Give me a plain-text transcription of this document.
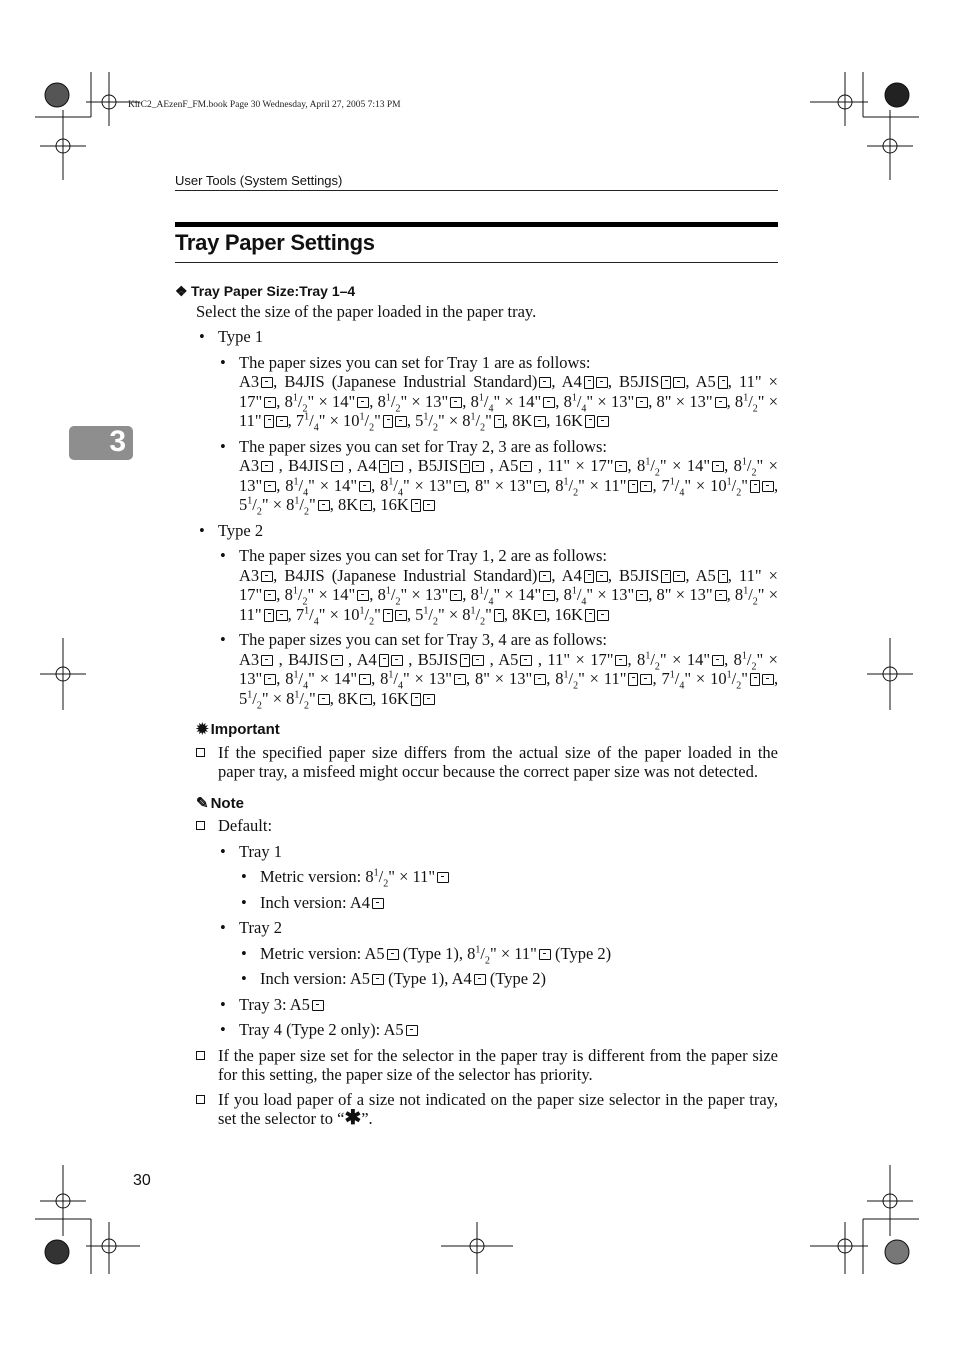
KirC2_AEzenF_FM.book Page 30 Wednesday, April 27, 2005 7:13 PM
User Tools (System Settings)
Tray Paper Settings
3
❖ Tray Paper Size:Tray 1–4
Select the size of the paper loaded in the paper tray.
• Type 1
• The paper sizes you can set for Tray 1 are as follows:
A3 , B4JIS (Japanese Industrial Standard) , A4 , B5JIS , A5 , 11" × 17" , $8^1/_2$" × 14" , $8^1/_2$" × 13" , $8^1/_4$" × 14" , $8^1/_4$" × 13" , 8" × 13" , $8^1/_2$" × 11" , $7^1/_4$" × $10^1/_2$" , $5^1/_2$" × $8^1/_2$" , 8K , 16K
• The paper sizes you can set for Tray 2, 3 are as follows:
A3 , B4JIS , A4 , B5JIS , A5 , 11" × 17" , $8^1/_2$" × 14" , $8^1/_2$" × 13" , $8^1/_4$" × 14" , $8^1/_4$" × 13" , 8" × 13" , $8^1/_2$" × 11" , $7^1/_4$" × $10^1/_2$" , $5^1/_2$" × $8^1/_2$" , 8K , 16K
• Type 2
• The paper sizes you can set for Tray 1, 2 are as follows:
A3 , B4JIS (Japanese Industrial Standard) , A4 , B5JIS , A5 , 11" × 17" , $8^1/_2$" × 14" , $8^1/_2$" × 13" , $8^1/_4$" × 14" , $8^1/_4$" × 13" , 8" × 13" , $8^1/_2$" × 11" , $7^1/_4$" × $10^1/_2$" , $5^1/_2$" × $8^1/_2$" , 8K , 16K
• The paper sizes you can set for Tray 3, 4 are as follows:
A3 , B4JIS , A4 , B5JIS , A5 , 11" × 17" , $8^1/_2$" × 14" , $8^1/_2$" × 13" , $8^1/_4$" × 14" , $8^1/_4$" × 13" , 8" × 13" , $8^1/_2$" × 11" , $7^1/_4$" × $10^1/_2$" , $5^1/_2$" × $8^1/_2$" , 8K , 16K
✹ Important
If the specified paper size differs from the actual size of the paper loaded in the paper tray, a misfeed might occur because the correct paper size was not detected.
✎ Note
Default:
• Tray 1
• Metric version: $8^1/_2$" × 11"
• Inch version: A4
• Tray 2
• Metric version: A5 (Type 1), $8^1/_2$" × 11" (Type 2)
• Inch version: A5 (Type 1), A4 (Type 2)
• Tray 3: A5
• Tray 4 (Type 2 only): A5
If the paper size set for the selector in the paper tray is different from the paper size for this setting, the paper size of the selector has priority.
If you load paper of a size not indicated on the paper size selector in the paper tray, set the selector to “✱”.
30
